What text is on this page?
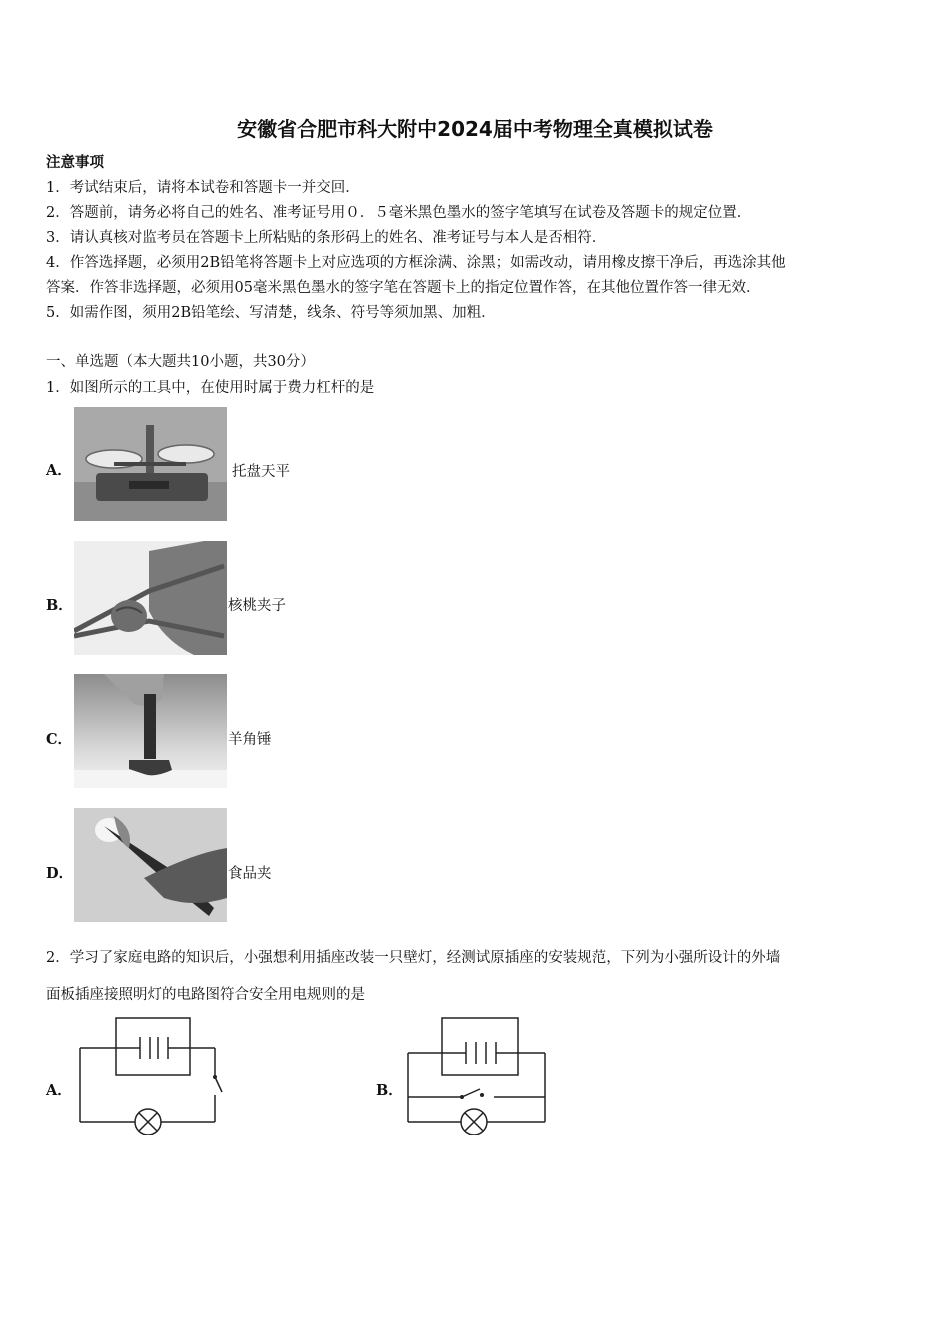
安徽省合肥市科大附中2024届中考物理全真模拟试卷
注意事项
1．考试结束后，请将本试卷和答题卡一并交回．
2．答题前，请务必将自己的姓名、准考证号用０．５毫米黑色墨水的签字笔填写在试卷及答题卡的规定位置．
3．请认真核对监考员在答题卡上所粘贴的条形码上的姓名、准考证号与本人是否相符．
4．作答选择题，必须用2B铅笔将答题卡上对应选项的方框涂满、涂黑；如需改动，请用橡皮擦干净后，再选涂其他
答案．作答非选择题，必须用05毫米黑色墨水的签字笔在答题卡上的指定位置作答，在其他位置作答一律无效．
5．如需作图，须用2B铅笔绘、写清楚，线条、符号等须加黑、加粗．
一、单选题（本大题共10小题，共30分）
1．如图所示的工具中，在使用时属于费力杠杆的是
A．	托盘天平
B．	核桃夹子
C．	羊角锤
D．	食品夹
2．学习了家庭电路的知识后，小强想利用插座改装一只壁灯，经测试原插座的安装规范，下列为小强所设计的外墙
面板插座接照明灯的电路图符合安全用电规则的是
A．	B．
